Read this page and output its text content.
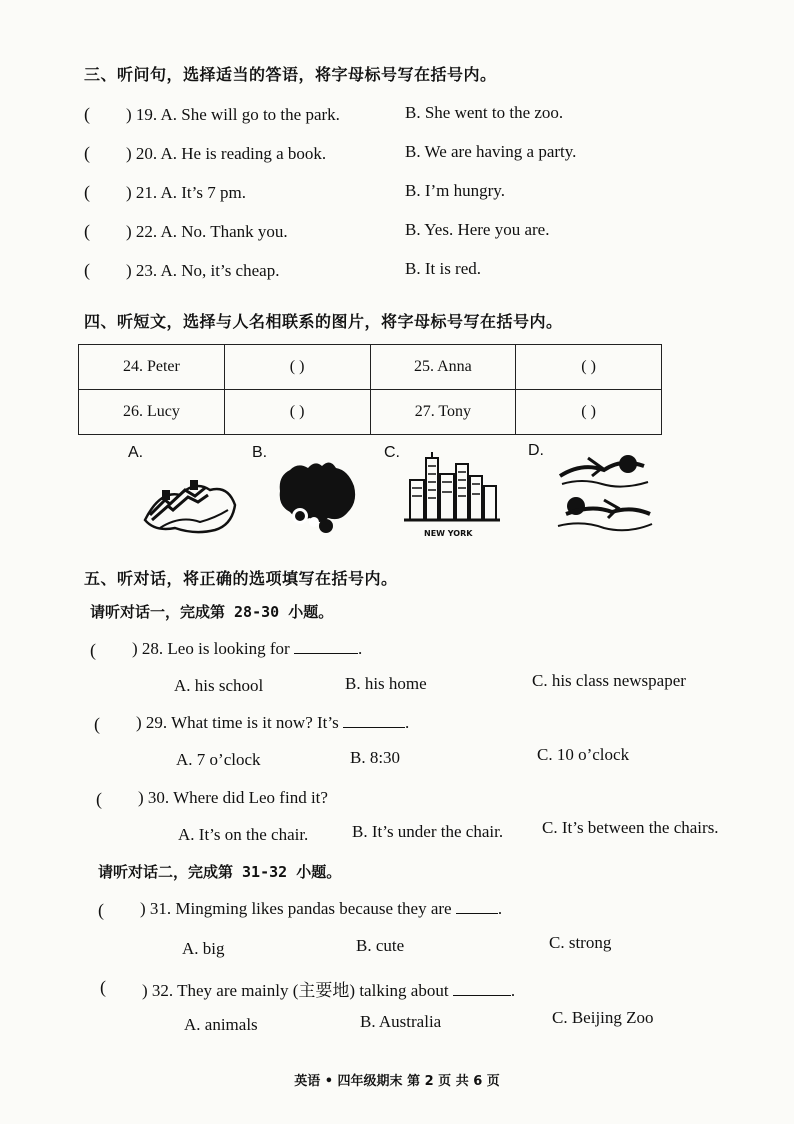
三、听问句，选择适当的答语，将字母标号写在括号内。
( ) 19. A. She will go to the park.	B. She went to the zoo.
( ) 20. A. He is reading a book.	B. We are having a party.
( ) 21. A. It’s 7 pm.	B. I’m hungry.
( ) 22. A. No. Thank you.	B. Yes. Here you are.
( ) 23. A. No, it’s cheap.	B. It is red.
四、听短文，选择与人名相联系的图片，将字母标号写在括号内。
24. Peter	( )	25. Anna	( )
26. Lucy	( )	27. Tony	( )
A.	B.	C.
NEW YORK
D.
五、听对话，将正确的选项填写在括号内。
请听对话一，完成第 28-30 小题。
( ) 28. Leo is looking for	.
A. his school	B. his home	C. his class newspaper
( ) 29. What time is it now? It’s	.
A. 7 o’clock	B. 8:30	C. 10 o’clock
( ) 30. Where did Leo find it?
A. It’s on the chair.	B. It’s under the chair. C. It’s between the chairs.
请听对话二，完成第 31-32 小题。
( ) 31. Mingming likes pandas because they are	.
A. big	B. cute	C. strong
( ) 32. They are mainly (主要地) talking about	.
A. animals	B. Australia	C. Beijing Zoo
英语 • 四年级期末 第 2 页 共 6 页
